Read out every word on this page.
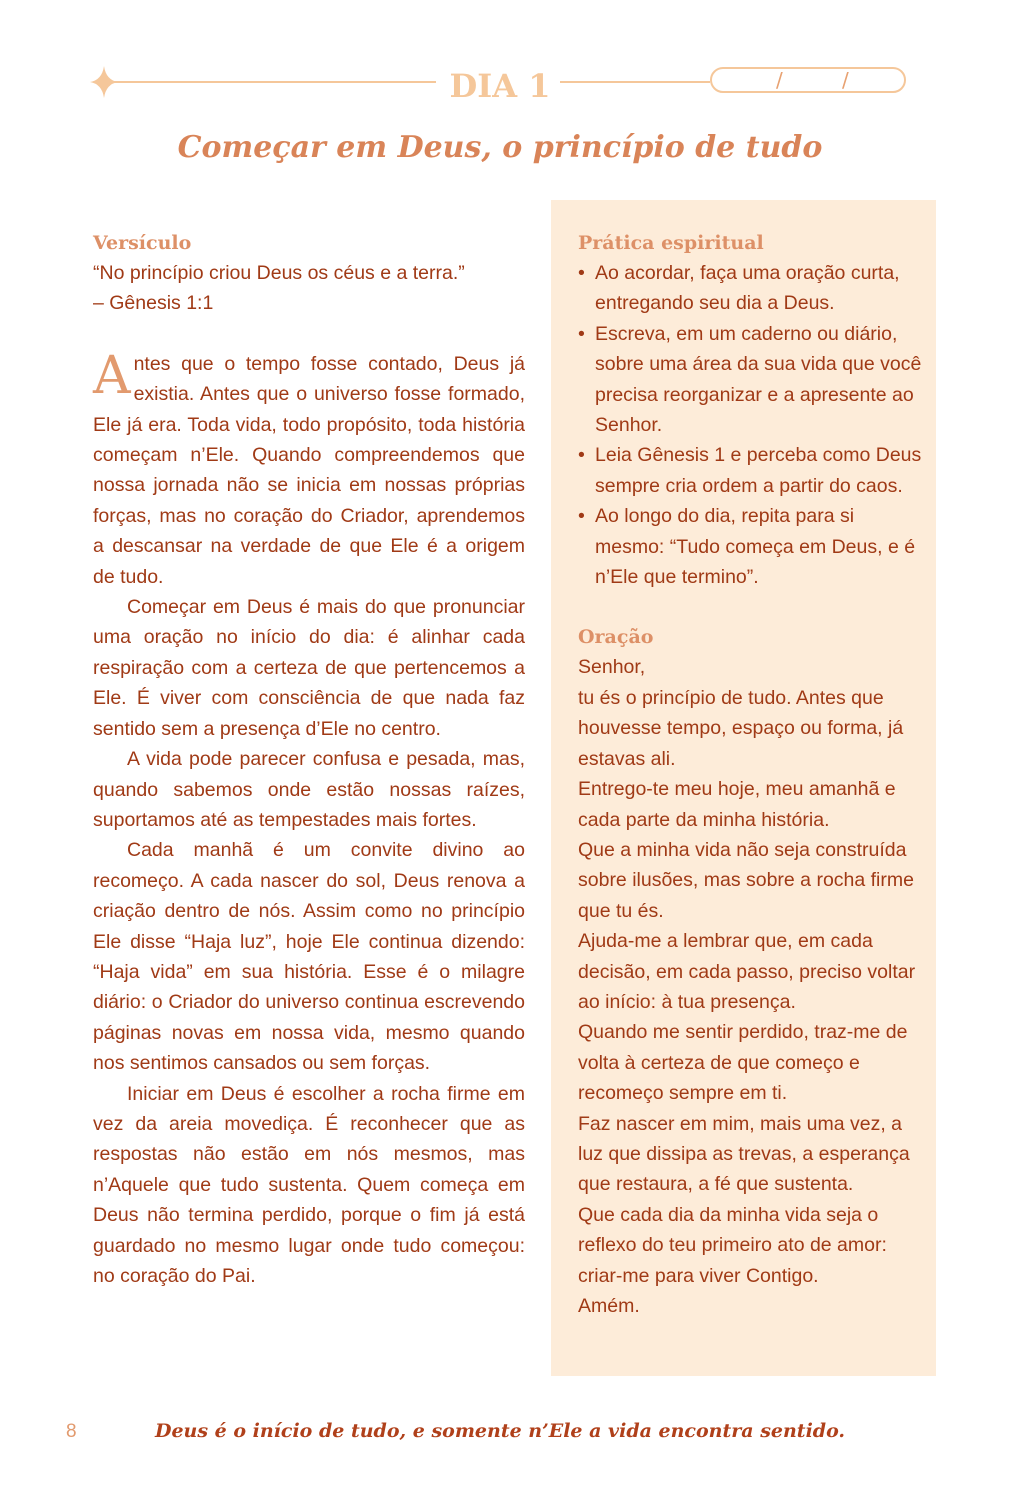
DIA 1	/	/
Começar em Deus, o princípio de tudo
Versículo

“No princípio criou Deus os céus e a terra.”

– Gênesis 1:1

Antes que o tempo fosse contado, Deus já existia. Antes que o universo fosse formado, Ele já era. Toda vida, todo propósito, toda história começam n’Ele. Quando compreendemos que nossa jornada não se inicia em nossas próprias forças, mas no coração do Criador, aprendemos a descansar na verdade de que Ele é a origem de tudo.

Começar em Deus é mais do que pronunciar uma oração no início do dia: é alinhar cada respiração com a certeza de que pertencemos a Ele. É viver com consciência de que nada faz sentido sem a presença d’Ele no centro.

A vida pode parecer confusa e pesada, mas, quando sabemos onde estão nossas raízes, suportamos até as tempestades mais fortes.

Cada manhã é um convite divino ao recomeço. A cada nascer do sol, Deus renova a criação dentro de nós. Assim como no princípio Ele disse “Haja luz”, hoje Ele continua dizendo: “Haja vida” em sua história. Esse é o milagre diário: o Criador do universo continua escrevendo páginas novas em nossa vida, mesmo quando nos sentimos cansados ou sem forças.

Iniciar em Deus é escolher a rocha firme em vez da areia movediça. É reconhecer que as respostas não estão em nós mesmos, mas n’Aquele que tudo sustenta. Quem começa em Deus não termina perdido, porque o fim já está guardado no mesmo lugar onde tudo começou: no coração do Pai.

Prática espiritual
• Ao acordar, faça uma oração curta, entregando seu dia a Deus.
• Escreva, em um caderno ou diário, sobre uma área da sua vida que você precisa reorganizar e a apresente ao Senhor.
• Leia Gênesis 1 e perceba como Deus sempre cria ordem a partir do caos.
• Ao longo do dia, repita para si mesmo: “Tudo começa em Deus, e é n’Ele que termino”.
Oração

Senhor,

tu és o princípio de tudo. Antes que houvesse tempo, espaço ou forma, já estavas ali.

Entrego-te meu hoje, meu amanhã e cada parte da minha história.

Que a minha vida não seja construída sobre ilusões, mas sobre a rocha firme que tu és.

Ajuda-me a lembrar que, em cada decisão, em cada passo, preciso voltar ao início: à tua presença.

Quando me sentir perdido, traz-me de volta à certeza de que começo e recomeço sempre em ti.

Faz nascer em mim, mais uma vez, a luz que dissipa as trevas, a esperança que restaura, a fé que sustenta.

Que cada dia da minha vida seja o reflexo do teu primeiro ato de amor: criar-me para viver Contigo.

Amém.

8	Deus é o início de tudo, e somente n’Ele a vida encontra sentido.
